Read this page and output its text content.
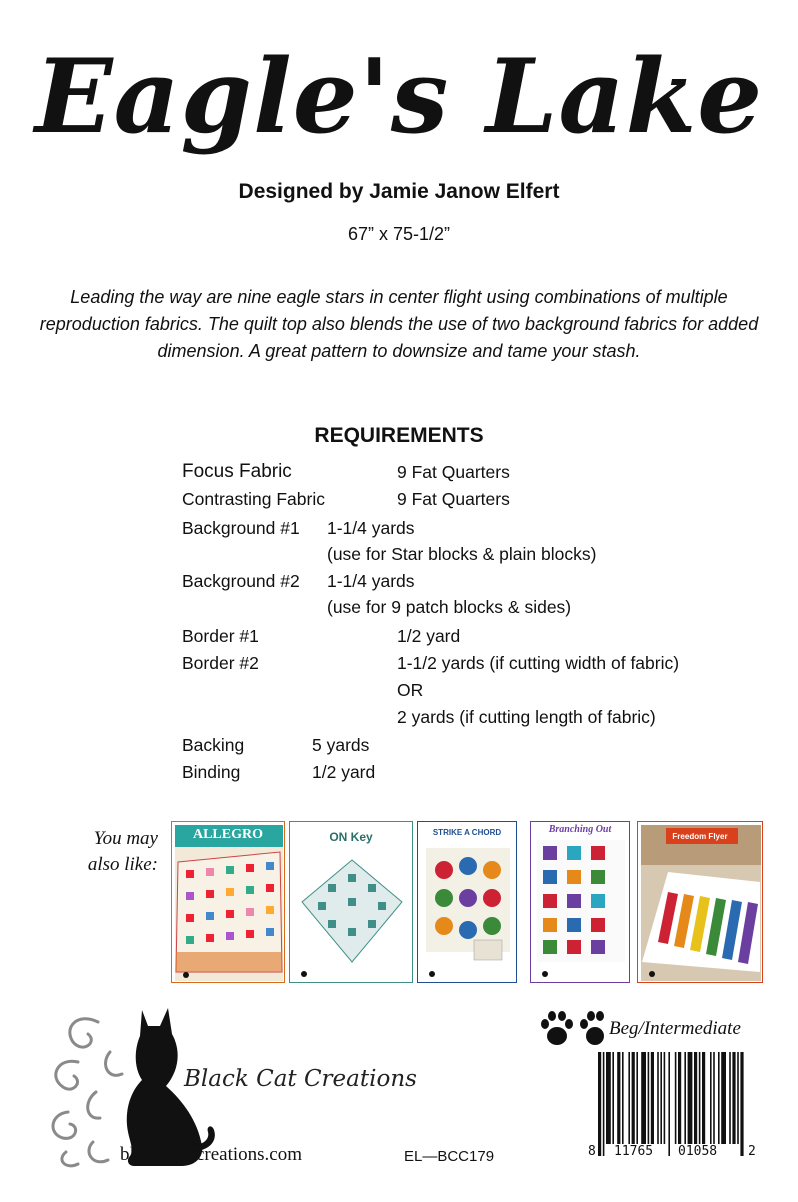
Eagle's Lake
Designed by Jamie Janow Elfert
67” x 75-1/2”
Leading the way are nine eagle stars in center flight using combinations of multiple reproduction fabrics. The quilt top also blends the use of two background fabrics for added dimension. A great pattern to downsize and tame your stash.
REQUIREMENTS
Focus Fabric	9 Fat Quarters
Contrasting Fabric	9 Fat Quarters
Background #1 1-1/4 yards
(use for Star blocks & plain blocks)
Background #2 1-1/4 yards
(use for 9 patch blocks & sides)
Border #1	1/2 yard
Border #2	1-1/2 yards (if cutting width of fabric)
OR
2 yards (if cutting length of fabric)
Backing	5 yards
Binding	1/2 yard
You may
also like:
ALLEGRO	ON Key	STRIKE A CHORD	Branching Out
Freedom Flyer
Black Cat Creations
black-cat-creations.com	EL—BCC179
Beg/Intermediate
8 11765 01058 2
